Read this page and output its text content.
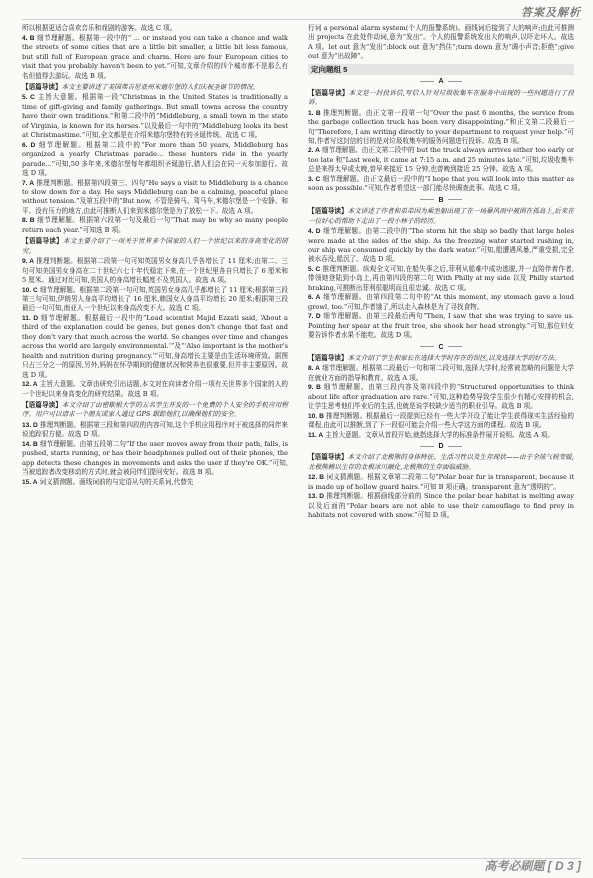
答案及解析

所以根据更适合喜欢音乐和戏剧的游客。故选 C 项。

4. B 细节理解题。根据第一段中的“ ... or instead you can take a chance and walk the streets of some cities that are a little bit smaller, a little bit less famous, but still full of European grace and charm. Here are four European cities to visit that you probably haven't been to yet.”可知,文章介绍的四个城市都不是那么有名但值得去游玩。故选 B 项。

【语篇导读】本文主要讲述了美国弗吉尼亚州米德尔堡的人们庆祝圣诞节的情况。

5. C 主旨大意题。根据第一段“Christmas in the United States is traditionally a time of gift-giving and family gatherings. But small towns across the country have their own traditions.”和第二段中的“Middleburg, a small town in the state of Virginia, is known for its horses.”以及最后一句中的“Middleburg looks its best at Christmastime.”可知,全文都是在介绍米德尔堡特有的圣诞传统。故选 C 项。

6. D 细节理解题。根据第二段中的“For more than 50 years, Middleburg has organized a yearly Christmas parade... these hunters ride in the yearly parade...”可知,50 多年来,米德尔堡每年都组织圣诞游行,猎人们会在同一天参加游行。故选 D 项。

7. A 推理判断题。根据第四段第三、四句“He says a visit to Middleburg is a chance to slow down for a day. He says Middleburg can be a calming, peaceful place without tension.”及第五段中的“But now, 不管是骑马、驾马车,米德尔堡是一个安静、和平、没有压力的地方,由此可推断人们来到米德尔堡是为了放松一下。故选 A 项。

8. B 细节理解题。根据第六段第一句及最后一句“That may be why so many people return each year.”可知选 B 项。

【语篇导读】本文主要介绍了一项关于世界多个国家的人们一个世纪以来的身高变化的研究。

9. A 推理判断题。根据第二段第一句可知英国男女身高几乎各增长了 11 厘米;由第二、三句可知美国男女身高在二十世纪六七十年代稳定下来,在一个世纪里各自只增长了 6 厘米和 5 厘米。通过对比可知,美国人的身高增长幅度不及英国人。故选 A 项。

10. C 细节理解题。根据第二段第一句可知,英国男女身高几乎都增长了 11 厘米;根据第三段第三句可知,伊朗男人身高平均增长了 16 厘米,韩国女人身高平均增长 20 厘米;根据第三段最后一句可知,南亚人一个世纪以来身高改变不大。故选 C 项。

11. D 细节理解题。根据最后一段中的“Lead scientist Majid Ezzati said, ‘About a third of the explanation could be genes, but genes don't change that fast and they don't vary that much across the world. So changes over time and changes across the world are largely environmental.’”及“‘Also important is the mother's health and nutrition during pregnancy.’”可知,身高增长主要是由生活环境所致。据图只占三分之一的原因,另外,妈妈在怀孕期间的健康状况和营养也很重要,但并非主要原因。故选 D 项。

12. A 主旨大意题。文章由研究引出话题,本文对在向读者介绍一项有关世界多个国家的人的一个世纪以来身高变化的研究结果。故选 B 项。

【语篇导读】本文介绍了由密歇根大学的五名学生开发的一个免费的个人安全的手机应用程序。用户可以请求一个朋友或家人通过 GPS 跟踪他们,以确保他们的安全。

13. D 推理判断题。根据第三段和第四段的内容可知,这个手机应用程序对于被选择的同伴来说追踪很方便。故选 D 项。

14. B 细节理解题。由第五段第二句“If the user moves away from their path, falls, is pushed, starts running, or has their headphones pulled out of their phones, the app detects these changes in movements and asks the user if they're OK.”可知,当被追踪者改变移动的方式时,就会被同伴们提问安好。故选 B 项。

15. A 词义猜测题。画线词前的与定语从句的关系词,代替先

行词 a personal alarm system(个人的报警系统)。画线词后接到了大的响声;由此可推测出 projects 在此处作动词,意为“发出”。个人的报警系统发出大的响声,以吓走坏人。故选 A 项。let out 意为“发出”;block out 意为“挡住”;turn down 意为“调小声音;拒绝”;give out 意为“出故障”。

定向题组 5
A

【语篇导读】本文是一封投诉信,写信人针对垃圾收集车在服务中出现的一些问题进行了投诉。

1. B 推理判断题。由正文第一段第一句“Over the past 6 months, the service from the garbage collection truck has been very disappointing.”和正文第二段最后一句“Therefore, I am writing directly to your department to request your help.”可知,作者写这封信的目的是对垃圾收集车的服务问题进行投诉。故选 B 项。

2. A 细节理解题。由正文第二段中的 but the truck always arrives either too early or too late 和“Last week, it came at 7:15 a.m. and 25 minutes late.”可知,垃圾收集车总是来得太早或太晚,曾早来接近 15 分钟,也曾晚到接近 25 分钟。故选 A 项。

3. C 细节理解题。由正文最后一段中的“I hope that you will look into this matter as soon as possible.”可知,作者希望这一部门能尽快调查此事。故选 C 项。

B

【语篇导读】本文讲述了作者和弟弟因为乘坐船出现了在一场暴风雨中被困在孤岛上,后来在一位好心的帮助下走出了一段小林子的经历。

4. D 细节理解题。由第二段中的“The storm hit the ship so badly that large holes were made at the sides of the ship. As the freezing water started rushing in, our ship was consumed quickly by the dark water.”可知,船遭遇风暴,严重受损,完全被水吞没,船沉了。故选 D 项。

5. C 推理判断题。纵观全文可知,在船失事之后,菲利从船难中成功逃脱,并一直陪伴着作者,带领她登陆到小岛上,再由第四段的第二句 With Philly at my side 以及 Philly started braking,可推断出菲利很聪明而且很忠诚。故选 C 项。

6. A 细节理解题。由第四段第二句中的“At this moment, my stomach gave a loud growl, too.”可知,作者饿了,所以走入森林是为了寻找食物。

7. D 细节理解题。由第三段最后两句“Then, I saw that she was trying to save us. Pointing her spear at the fruit tree, she shook her head strongly.”可知,那位妇女要告诉作者水果不能吃。故选 D 项。

C

【语篇导读】本文介绍了学生和家长在选择大学时存在的误区,以及选择大学的好方法。

8. A 细节理解题。根据第二段最后一句和第二段可知,选择大学时,经常被忽略的问题是大学在就业方面的指导和教育。故选 A 项。

9. B 细节理解题。由第三段内容及第四段中的“Structured opportunities to think about life after graduation are rare.”可知,这种趋势导致学生很少有精心安排的机会,让学生思考他们毕业后的生活,也就是说学校缺少适当的职业引导。故选 B 项。

10. B 推理判断题。根据最后一段提到已经有一些大学开设了能让学生获得现实生活经验的课程,由此可以推断,到了下一段很可能会介绍一些大学这方面的课程。故选 B 项。

11. A 主旨大意题。文章从首段开始,就指选择大学的标准条件展开说明。故选 A 项。

D

【语篇导读】本文介绍了北极熊的身体特征、生活习性以及生存现状——由于全球气候变暖,北极熊赖以生存的北极冰川融化,北极熊的生存面临威胁。

12. B 词义猜测题。根据文章第二段第二句“Polar bear fur is transparent, because it is made up of hollow guard hairs.”可知 B 项正确。transparent 意为“透明的”。

13. D 推理判断题。根据画线部分前的 Since the polar bear habitat is melting away 以及后面的“Polar bears are not able to use their camouflage to find prey in habitats not covered with snow.”可知 D 项。

高考必刷题 [ D 3 ]
